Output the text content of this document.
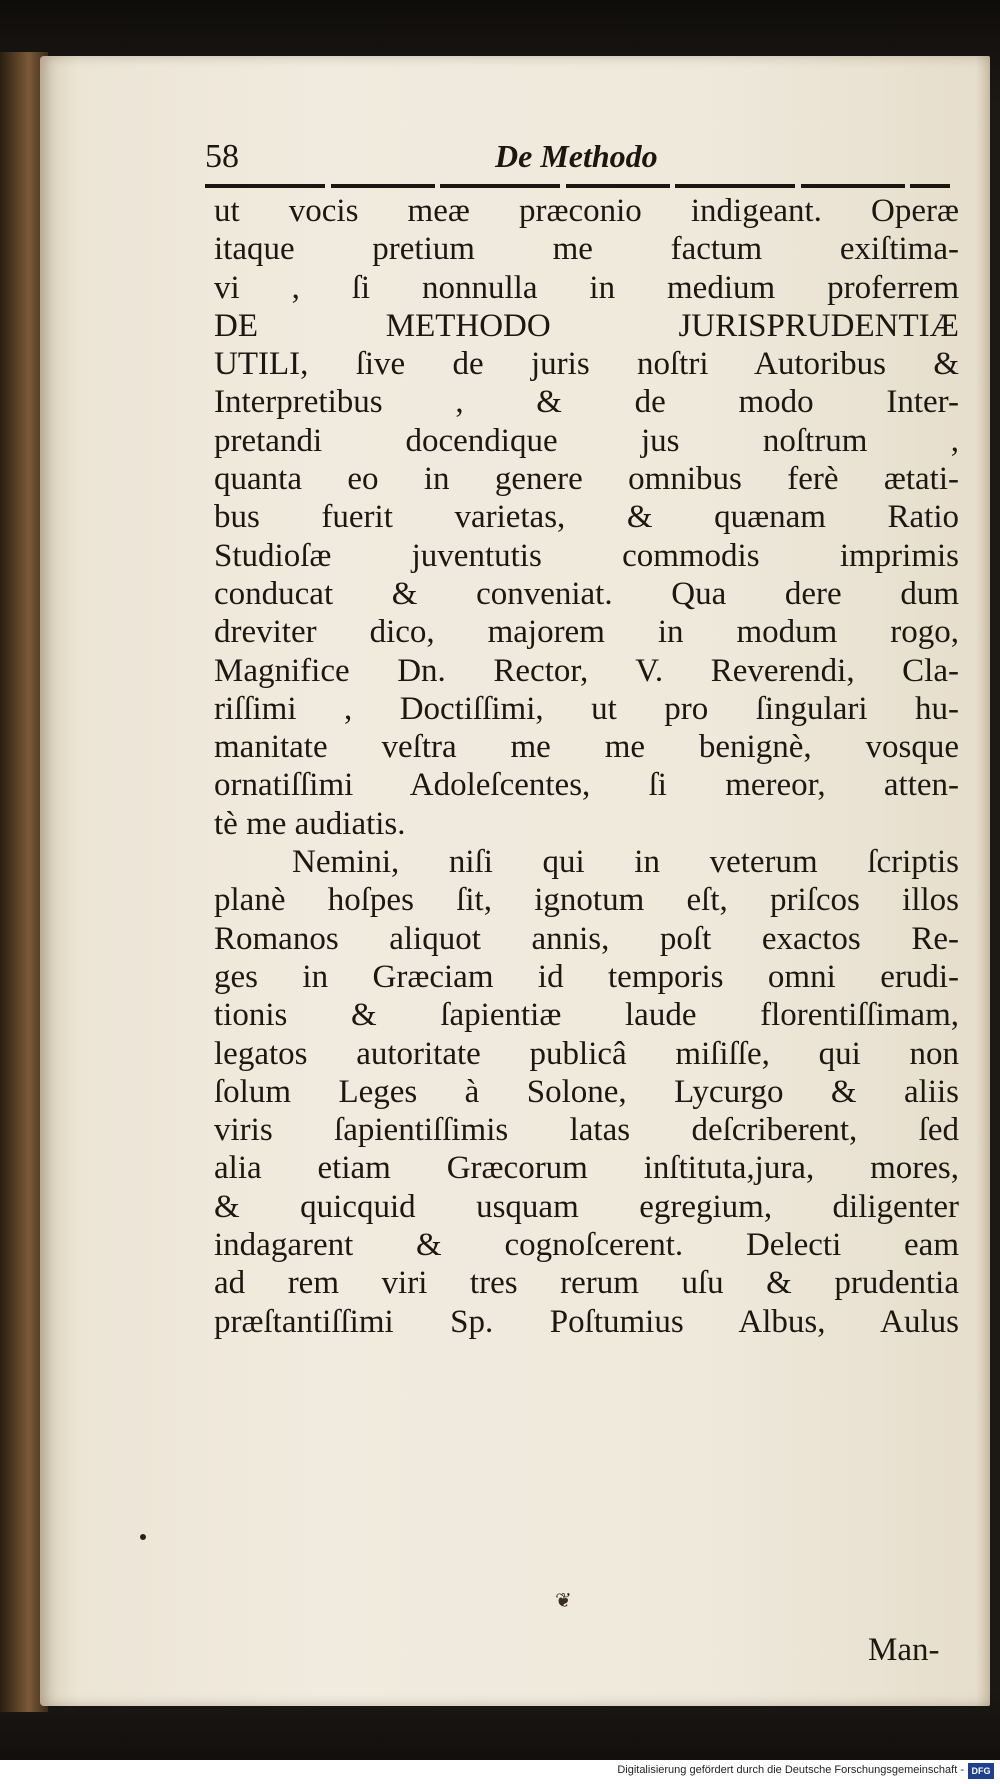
58	De Methodo
ut vocis meæ præconio indigeant. Operæ
itaque pretium me factum exiſtima-
vi , ſi nonnulla in medium proferrem
DE METHODO JURISPRUDENTIÆ
UTILI, ſive de juris noſtri Autoribus &
Interpretibus , & de modo Inter-
pretandi docendique jus noſtrum ,
quanta eo in genere omnibus ferè ætati-
bus fuerit varietas, & quænam Ratio
Studioſæ juventutis commodis imprimis
conducat & conveniat. Qua dere dum
dreviter dico, majorem in modum rogo,
Magnifice Dn. Rector, V. Reverendi, Cla-
riſſimi , Doctiſſimi, ut pro ſingulari hu-
manitate veſtra me me benignè, vosque
ornatiſſimi Adoleſcentes, ſi mereor, atten-
tè me audiatis.
Nemini, niſi qui in veterum ſcriptis
planè hoſpes ſit, ignotum eſt, priſcos illos
Romanos aliquot annis, poſt exactos Re-
ges in Græciam id temporis omni erudi-
tionis & ſapientiæ laude florentiſſimam,
legatos autoritate publicâ miſiſſe, qui non
ſolum Leges à Solone, Lycurgo & aliis
viris ſapientiſſimis latas deſcriberent, ſed
alia etiam Græcorum inſtituta,jura, mores,
& quicquid usquam egregium, diligenter
indagarent & cognoſcerent. Delecti eam
ad rem viri tres rerum uſu & prudentia
præſtantiſſimi Sp. Poſtumius Albus, Aulus
Man-
❦
Digitalisierung gefördert durch die Deutsche Forschungsgemeinschaft - DFG
